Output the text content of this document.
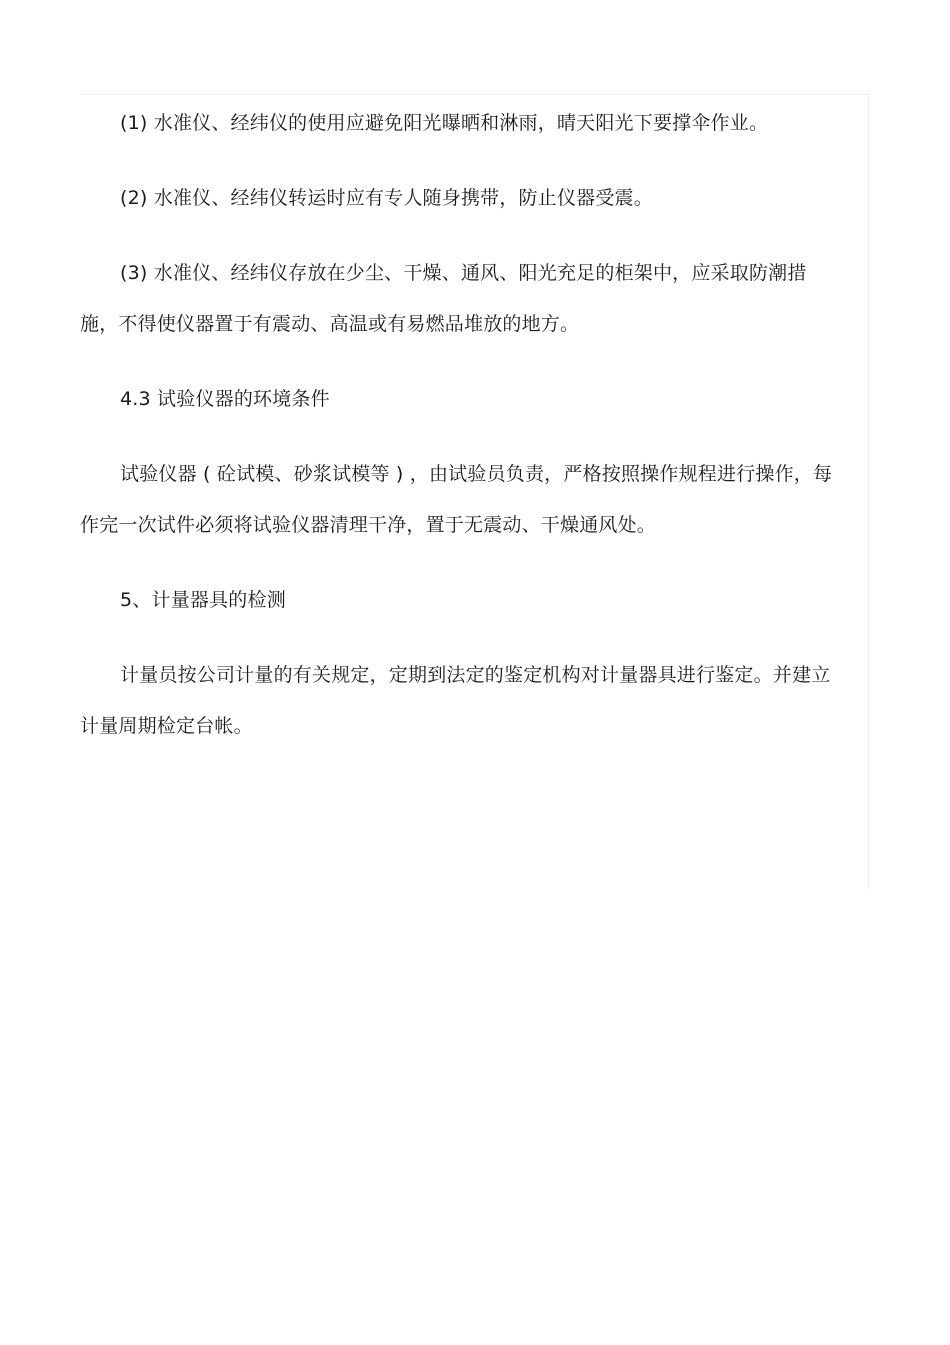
(1) 水准仪、经纬仪的使用应避免阳光曝晒和淋雨，晴天阳光下要撑伞作业。

(2) 水准仪、经纬仪转运时应有专人随身携带，防止仪器受震。

(3) 水准仪、经纬仪存放在少尘、干燥、通风、阳光充足的柜架中，应采取防潮措施，不得使仪器置于有震动、高温或有易燃品堆放的地方。

4.3 试验仪器的环境条件

试验仪器 ( 砼试模、砂浆试模等 ) ，由试验员负责，严格按照操作规程进行操作，每作完一次试件必须将试验仪器清理干净，置于无震动、干燥通风处。

5、计量器具的检测

计量员按公司计量的有关规定，定期到法定的鉴定机构对计量器具进行鉴定。并建立计量周期检定台帐。
